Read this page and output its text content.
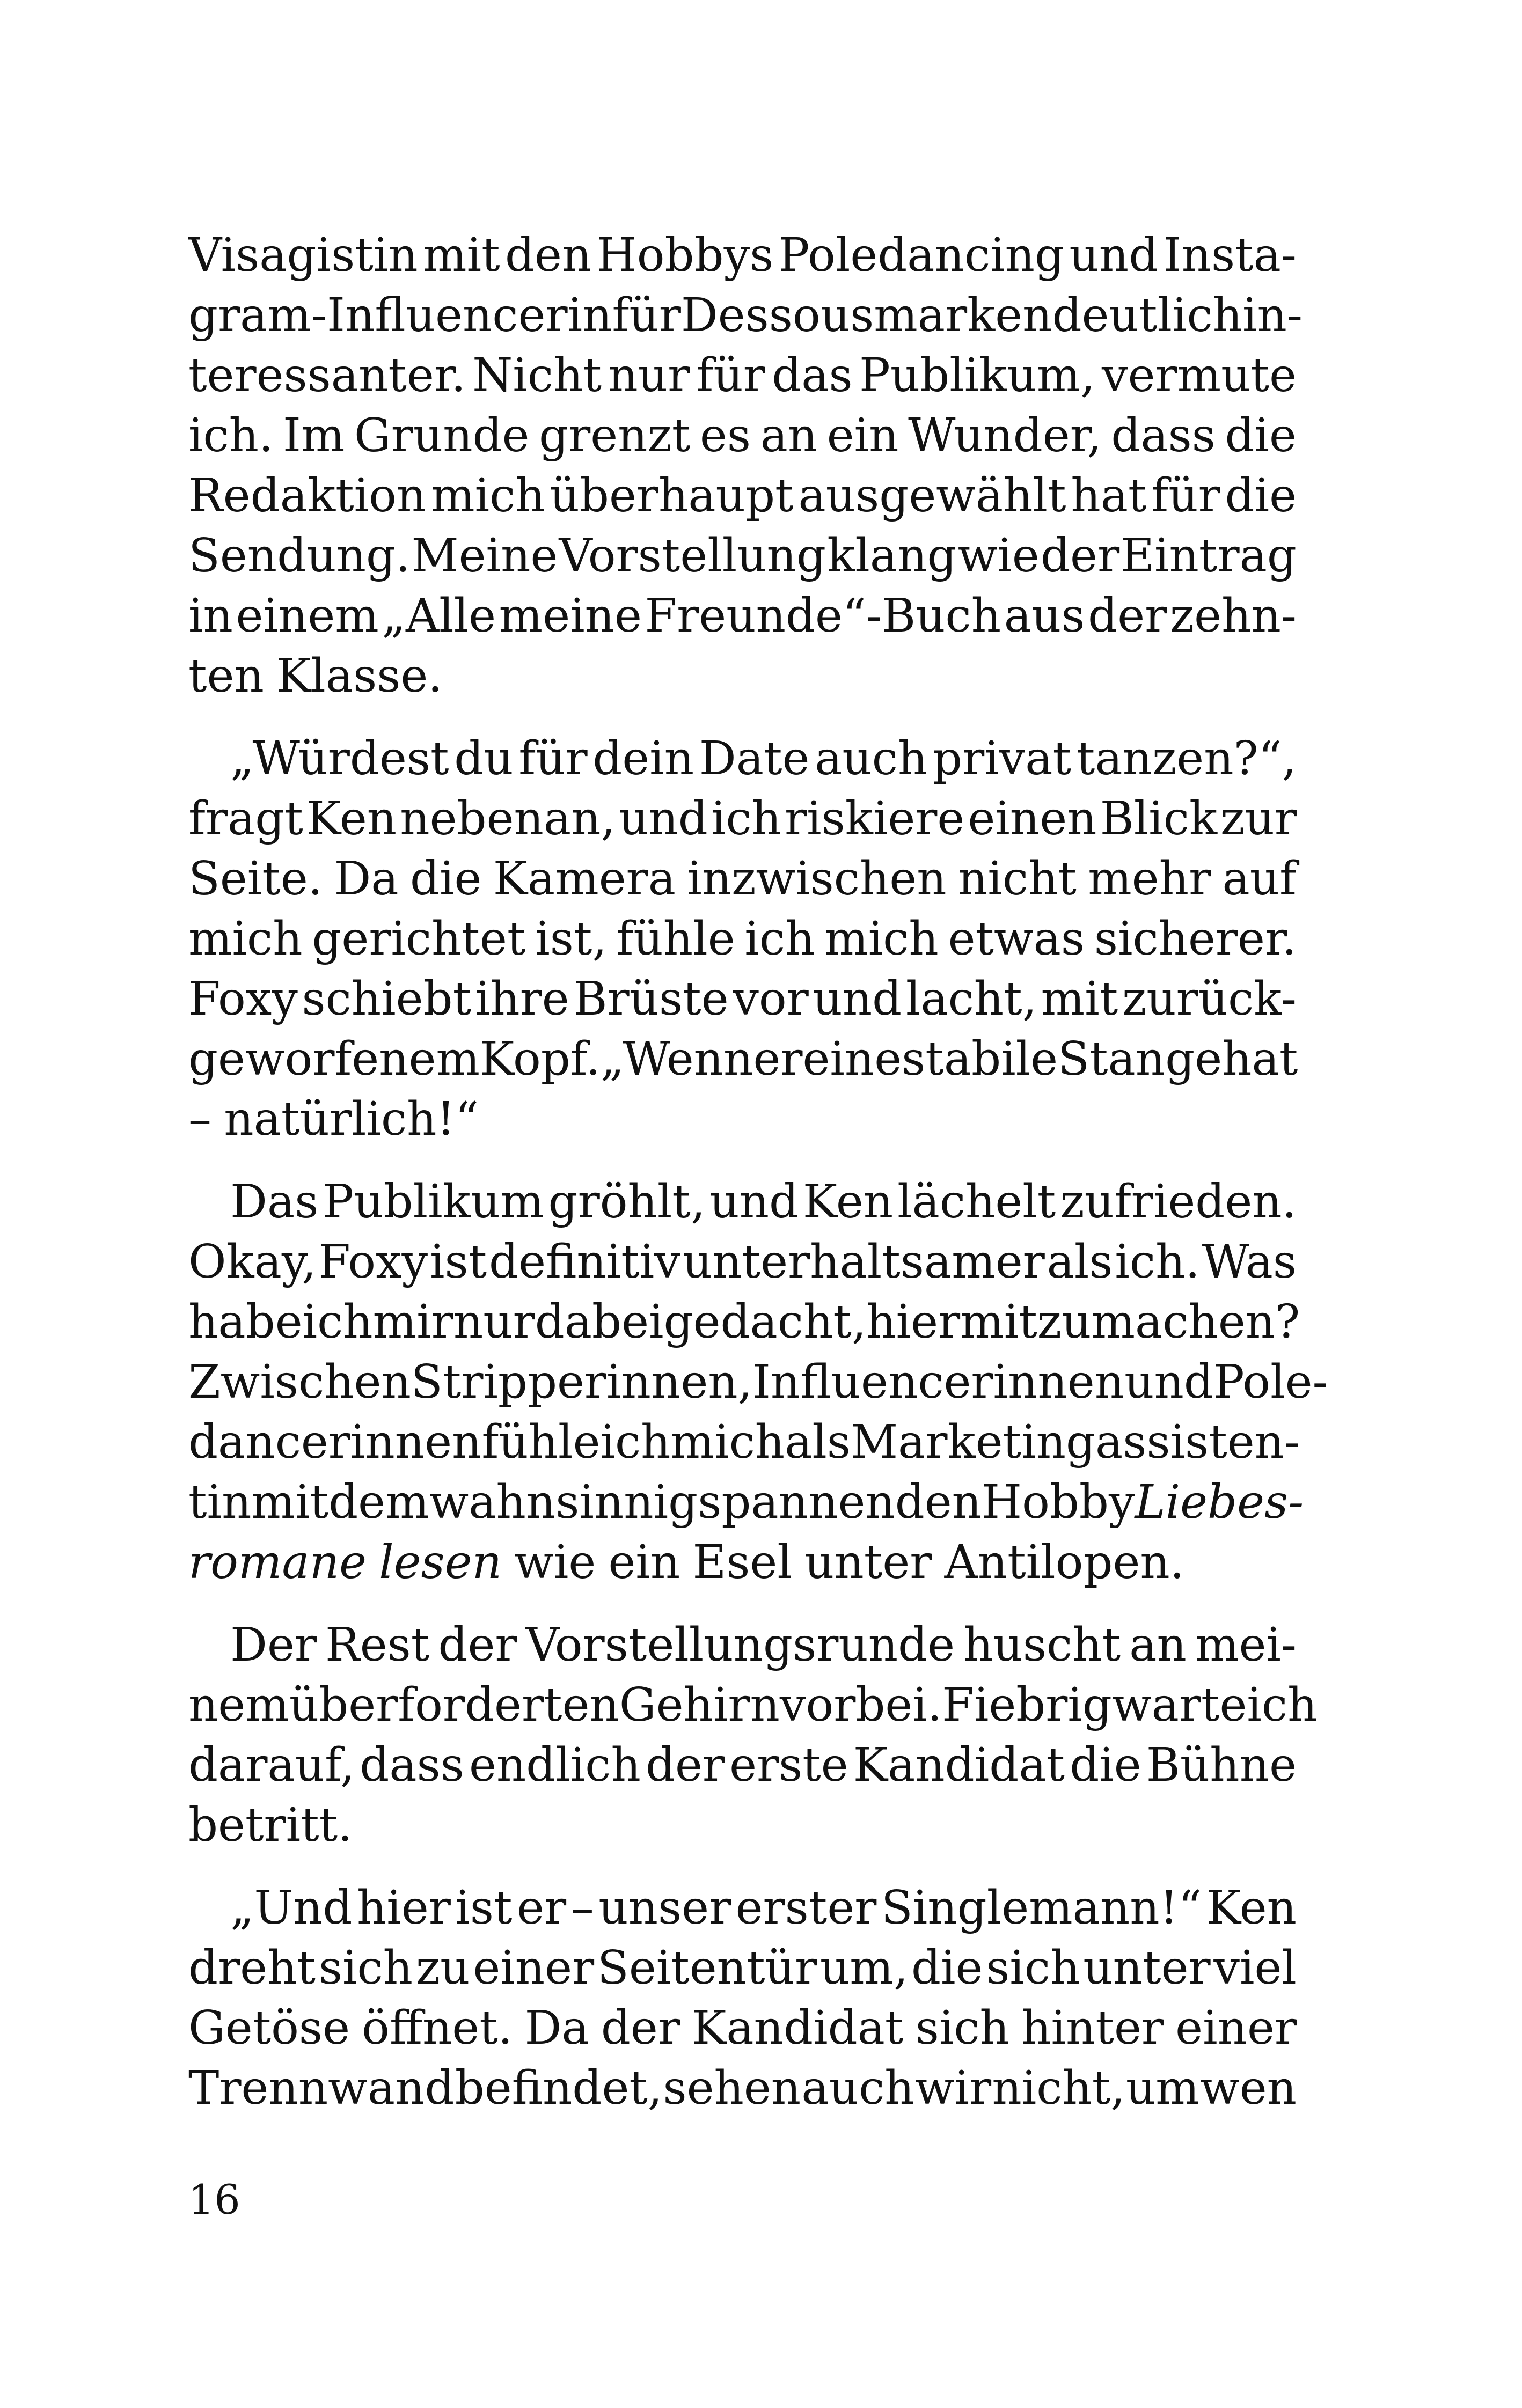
Visagistin mit den Hobbys Poledancing und Insta-
gram-Influencerin für Dessousmarken deutlich in-
teressanter. Nicht nur für das Publikum, vermute
ich. Im Grunde grenzt es an ein Wunder, dass die
Redaktion mich überhaupt ausgewählt hat für die
Sendung. Meine Vorstellung klang wie der Eintrag
in einem „Alle meine Freunde“-Buch aus der zehn-
ten Klasse.
„Würdest du für dein Date auch privat tanzen?“,
fragt Ken nebenan, und ich riskiere einen Blick zur
Seite. Da die Kamera inzwischen nicht mehr auf
mich gerichtet ist, fühle ich mich etwas sicherer.
Foxy schiebt ihre Brüste vor und lacht, mit zurück-
geworfenem Kopf. „Wenn er eine stabile Stange hat
– natürlich!“
Das Publikum gröhlt, und Ken lächelt zufrieden.
Okay, Foxy ist definitiv unterhaltsamer als ich. Was
habe ich mir nur dabei gedacht, hier mitzumachen?
Zwischen Stripperinnen, Influencerinnen und Pole-
dancerinnen fühle ich mich als Marketingassisten-
tin mit dem wahnsinnig spannenden Hobby Liebes-
romane lesen wie ein Esel unter Antilopen.
Der Rest der Vorstellungsrunde huscht an mei-
nem überforderten Gehirn vorbei. Fiebrig warte ich
darauf, dass endlich der erste Kandidat die Bühne
betritt.
„Und hier ist er – unser erster Singlemann!“ Ken
dreht sich zu einer Seitentür um, die sich unter viel
Getöse öffnet. Da der Kandidat sich hinter einer
Trennwand befindet, sehen auch wir nicht, um wen
16
